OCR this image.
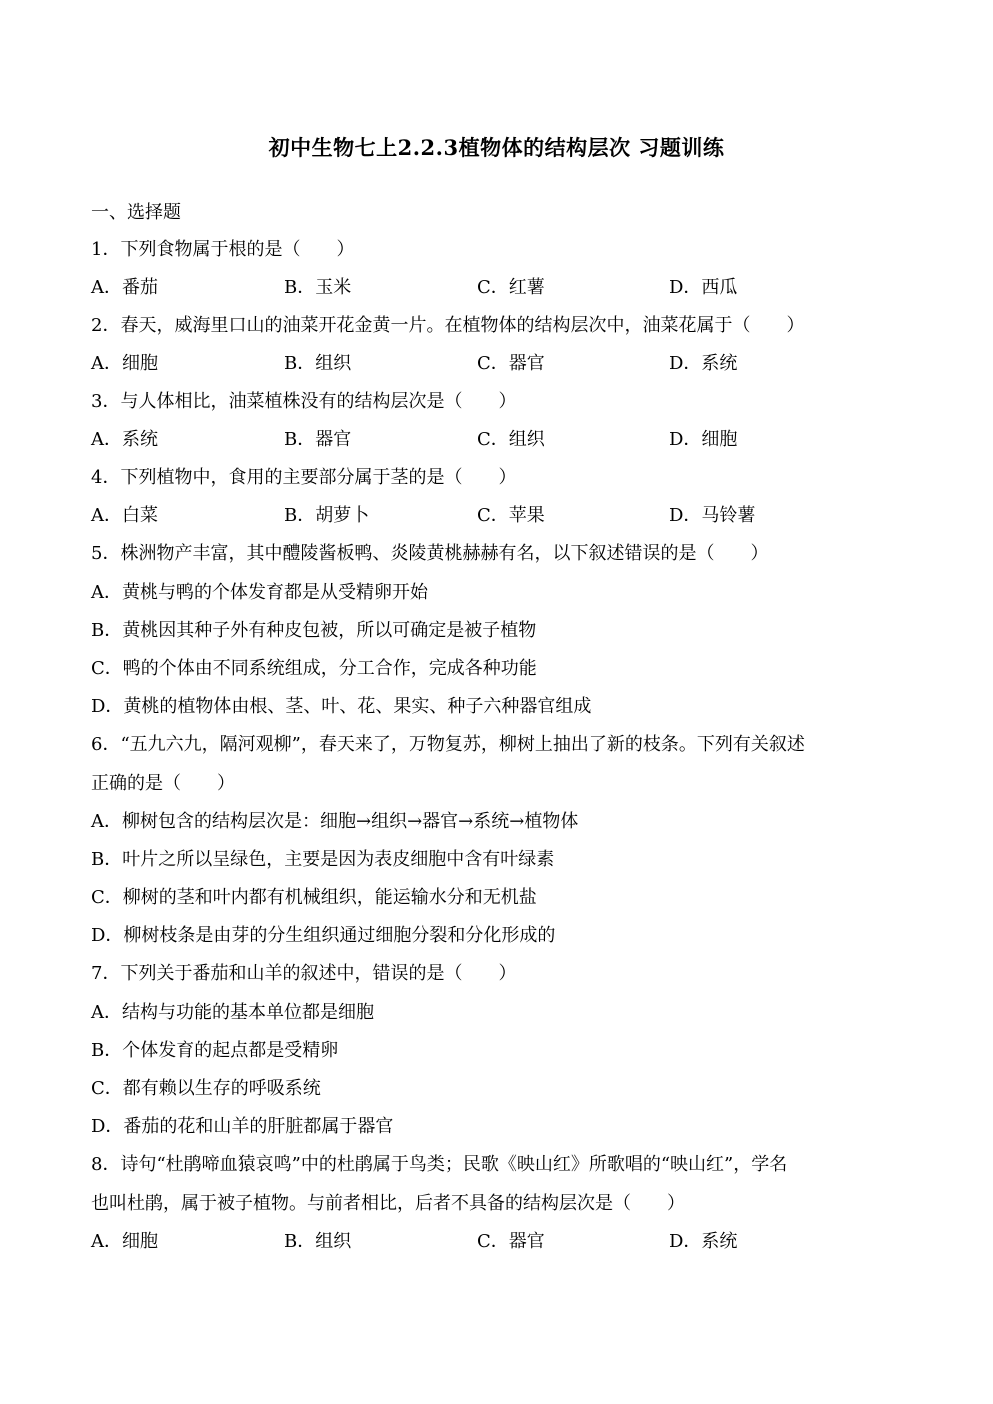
初中生物七上2.2.3植物体的结构层次 习题训练
一、选择题
1．下列食物属于根的是（　　）
A．番茄	B．玉米	C．红薯	D．西瓜
2．春天，威海里口山的油菜开花金黄一片。在植物体的结构层次中，油菜花属于（　　）
A．细胞	B．组织	C．器官	D．系统
3．与人体相比，油菜植株没有的结构层次是（　　）
A．系统	B．器官	C．组织	D．细胞
4．下列植物中，食用的主要部分属于茎的是（　　）
A．白菜	B．胡萝卜	C．苹果	D．马铃薯
5．株洲物产丰富，其中醴陵酱板鸭、炎陵黄桃赫赫有名，以下叙述错误的是（　　）
A．黄桃与鸭的个体发育都是从受精卵开始
B．黄桃因其种子外有种皮包被，所以可确定是被子植物
C．鸭的个体由不同系统组成，分工合作，完成各种功能
D．黄桃的植物体由根、茎、叶、花、果实、种子六种器官组成
6．“五九六九，隔河观柳”，春天来了，万物复苏，柳树上抽出了新的枝条。下列有关叙述
正确的是（　　）
A．柳树包含的结构层次是：细胞→组织→器官→系统→植物体
B．叶片之所以呈绿色，主要是因为表皮细胞中含有叶绿素
C．柳树的茎和叶内都有机械组织，能运输水分和无机盐
D．柳树枝条是由芽的分生组织通过细胞分裂和分化形成的
7．下列关于番茄和山羊的叙述中，错误的是（　　）
A．结构与功能的基本单位都是细胞
B．个体发育的起点都是受精卵
C．都有赖以生存的呼吸系统
D．番茄的花和山羊的肝脏都属于器官
8．诗句“杜鹃啼血猿哀鸣”中的杜鹃属于鸟类；民歌《映山红》所歌唱的“映山红”，学名
也叫杜鹃，属于被子植物。与前者相比，后者不具备的结构层次是（　　）
A．细胞	B．组织	C．器官	D．系统
